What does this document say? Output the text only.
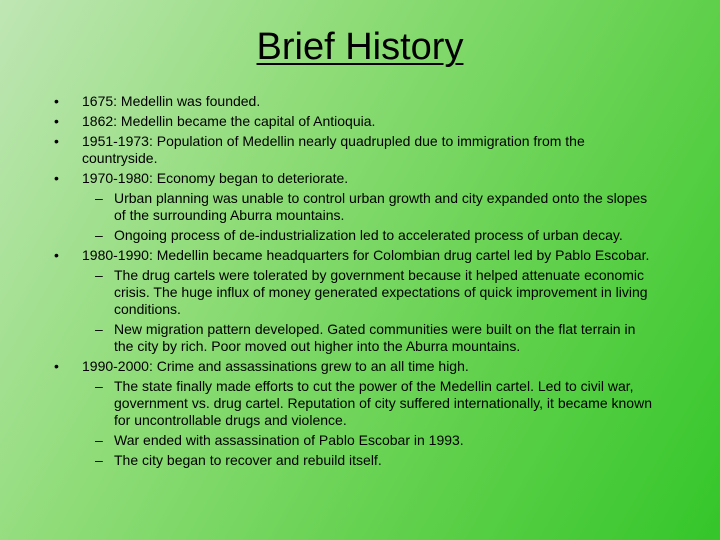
Brief History
• 1675: Medellin was founded.
• 1862: Medellin became the capital of Antioquia.
• 1951-1973: Population of Medellin nearly quadrupled due to immigration from the countryside.
• 1970-1980: Economy began to deteriorate.
– Urban planning was unable to control urban growth and city expanded onto the slopes of the surrounding Aburra mountains.
– Ongoing process of de-industrialization led to accelerated process of urban decay.
• 1980-1990: Medellin became headquarters for Colombian drug cartel led by Pablo Escobar.
– The drug cartels were tolerated by government because it helped attenuate economic crisis. The huge influx of money generated expectations of quick improvement in living conditions.
– New migration pattern developed. Gated communities were built on the flat terrain in the city by rich. Poor moved out higher into the Aburra mountains.
• 1990-2000: Crime and assassinations grew to an all time high.
– The state finally made efforts to cut the power of the Medellin cartel. Led to civil war, government vs. drug cartel. Reputation of city suffered internationally, it became known for uncontrollable drugs and violence.
– War ended with assassination of Pablo Escobar in 1993.
– The city began to recover and rebuild itself.
